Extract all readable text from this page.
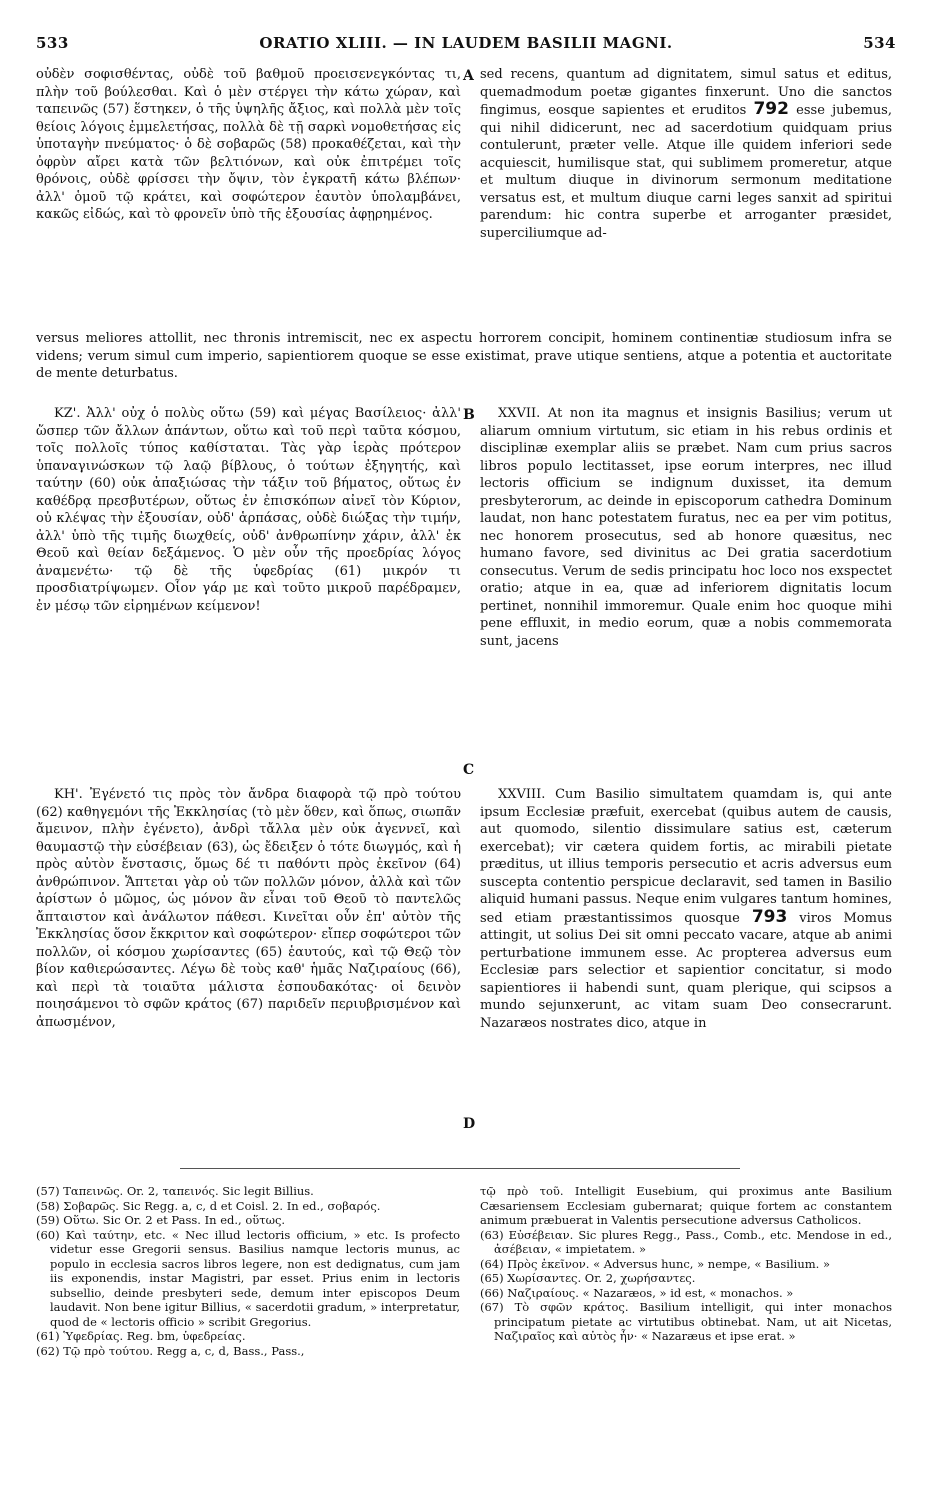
533	ORATIO XLIII. — IN LAUDEM BASILII MAGNI.	534

οὐδὲν σοφισθέντας, οὐδὲ τοῦ βαθμοῦ προεισενεγκόντας τι, πλὴν τοῦ βούλεσθαι. Καὶ ὁ μὲν στέργει τὴν κάτω χώραν, καὶ ταπεινῶς (57) ἕστηκεν, ὁ τῆς ὑψηλῆς ἄξιος, καὶ πολλὰ μὲν τοῖς θείοις λόγοις ἐμμελετήσας, πολλὰ δὲ τῇ σαρκὶ νομοθετήσας εἰς ὑποταγὴν πνεύματος· ὁ δὲ σοβαρῶς (58) προκαθέζεται, καὶ τὴν ὀφρὺν αἴρει κατὰ τῶν βελτιόνων, καὶ οὐκ ἐπιτρέμει τοῖς θρόνοις, οὐδὲ φρίσσει τὴν ὄψιν, τὸν ἐγκρατῆ κάτω βλέπων· ἀλλ' ὁμοῦ τῷ κράτει, καὶ σοφώτερον ἑαυτὸν ὑπολαμβάνει, κακῶς εἰδώς, καὶ τὸ φρονεῖν ὑπὸ τῆς ἐξουσίας ἀφῃρημένος.

sed recens, quantum ad dignitatem, simul satus et editus, quemadmodum poetæ gigantes finxerunt. Uno die sanctos fingimus, eosque sapientes et eruditos 792 esse jubemus, qui nihil didicerunt, nec ad sacerdotium quidquam prius contulerunt, præter velle. Atque ille quidem inferiori sede acquiescit, humilisque stat, qui sublimem promeretur, atque et multum diuque in divinorum sermonum meditatione versatus est, et multum diuque carni leges sanxit ad spiritui parendum: hic contra superbe et arroganter præsidet, superciliumque ad-

A

versus meliores attollit, nec thronis intremiscit, nec ex aspectu horrorem concipit, hominem continentiæ studiosum infra se videns; verum simul cum imperio, sapientiorem quoque se esse existimat, prave utique sentiens, atque a potentia et auctoritate de mente deturbatus.

ΚΖ'. Ἀλλ' οὐχ ὁ πολὺς οὕτω (59) καὶ μέγας Βασίλειος· ἀλλ' ὥσπερ τῶν ἄλλων ἁπάντων, οὕτω καὶ τοῦ περὶ ταῦτα κόσμου, τοῖς πολλοῖς τύπος καθίσταται. Τὰς γὰρ ἱερὰς πρότερον ὑπαναγινώσκων τῷ λαῷ βίβλους, ὁ τούτων ἐξηγητής, καὶ ταύτην (60) οὐκ ἀπαξιώσας τὴν τάξιν τοῦ βήματος, οὕτως ἐν καθέδρᾳ πρεσβυτέρων, οὕτως ἐν ἐπισκόπων αἰνεῖ τὸν Κύριον, οὐ κλέψας τὴν ἐξουσίαν, οὐδ' ἁρπάσας, οὐδὲ διώξας τὴν τιμήν, ἀλλ' ὑπὸ τῆς τιμῆς διωχθείς, οὐδ' ἀνθρωπίνην χάριν, ἀλλ' ἐκ Θεοῦ καὶ θείαν δεξάμενος. Ὁ μὲν οὖν τῆς προεδρίας λόγος ἀναμενέτω· τῷ δὲ τῆς ὑφεδρίας (61) μικρόν τι προσδιατρίψωμεν. Οἷον γάρ με καὶ τοῦτο μικροῦ παρέδραμεν, ἐν μέσῳ τῶν εἰρημένων κείμενον!

B	XXVII. At non ita magnus et insignis Basilius; verum ut aliarum omnium virtutum, sic etiam in his rebus ordinis et disciplinæ exemplar aliis se præbet. Nam cum prius sacros libros populo lectitasset, ipse eorum interpres, nec illud lectoris officium se indignum duxisset, ita demum presbyterorum, ac deinde in episcoporum cathedra Dominum laudat, non hanc potestatem furatus, nec ea per vim potitus, nec honorem prosecutus, sed ab honore quæsitus, nec humano favore, sed divinitus ac Dei gratia sacerdotium consecutus. Verum de sedis principatu hoc loco nos exspectet oratio; atque in ea, quæ ad inferiorem dignitatis locum pertinet, nonnihil immoremur. Quale enim hoc quoque mihi pene effluxit, in medio eorum, quæ a nobis commemorata sunt, jacens

C

ΚΗ'. Ἐγένετό τις πρὸς τὸν ἄνδρα διαφορὰ τῷ πρὸ τούτου (62) καθηγεμόνι τῆς Ἐκκλησίας (τὸ μὲν ὅθεν, καὶ ὅπως, σιωπᾶν ἄμεινον, πλὴν ἐγένετο), ἀνδρὶ τἄλλα μὲν οὐκ ἀγεννεῖ, καὶ θαυμαστῷ τὴν εὐσέβειαν (63), ὡς ἔδειξεν ὁ τότε διωγμός, καὶ ἡ πρὸς αὐτὸν ἔνστασις, ὅμως δέ τι παθόντι πρὸς ἐκεῖνον (64) ἀνθρώπινον. Ἅπτεται γὰρ οὐ τῶν πολλῶν μόνον, ἀλλὰ καὶ τῶν ἀρίστων ὁ μῶμος, ὡς μόνον ἂν εἶναι τοῦ Θεοῦ τὸ παντελῶς ἄπταιστον καὶ ἀνάλωτον πάθεσι. Κινεῖται οὖν ἐπ' αὐτὸν τῆς Ἐκκλησίας ὅσον ἔκκριτον καὶ σοφώτερον· εἴπερ σοφώτεροι τῶν πολλῶν, οἱ κόσμου χωρίσαντες (65) ἑαυτούς, καὶ τῷ Θεῷ τὸν βίον καθιερώσαντες. Λέγω δὲ τοὺς καθ' ἡμᾶς Ναζιραίους (66), καὶ περὶ τὰ τοιαῦτα μάλιστα ἐσπουδακότας· οἱ δεινὸν ποιησάμενοι τὸ σφῶν κράτος (67) παριδεῖν περιυβρισμένον καὶ ἀπωσμένον,

XXVIII. Cum Basilio simultatem quamdam is, qui ante ipsum Ecclesiæ præfuit, exercebat (quibus autem de causis, aut quomodo, silentio dissimulare satius est, cæterum exercebat); vir cætera quidem fortis, ac mirabili pietate præditus, ut illius temporis persecutio et acris adversus eum suscepta contentio perspicue declaravit, sed tamen in Basilio aliquid humani passus. Neque enim vulgares tantum homines, sed etiam præstantissimos quosque 793 viros Momus attingit, ut solius Dei sit omni peccato vacare, atque ab animi perturbatione immunem esse. Ac propterea adversus eum Ecclesiæ pars selectior et sapientior concitatur, si modo sapientiores ii habendi sunt, quam plerique, qui scipsos a mundo sejunxerunt, ac vitam suam Deo consecrarunt. Nazaræos nostrates dico, atque in

D

(57) Ταπεινῶς. Or. 2, ταπεινός. Sic legit Billius.

(58) Σοβαρῶς. Sic Regg. a, c, d et Coisl. 2. In ed., σοβαρός.

(59) Οὕτω. Sic Or. 2 et Pass. In ed., οὕτως.

(60) Καὶ ταύτην, etc. « Nec illud lectoris officium, » etc. Is profecto videtur esse Gregorii sensus. Basilius namque lectoris munus, ac populo in ecclesia sacros libros legere, non est dedignatus, cum jam iis exponendis, instar Magistri, par esset. Prius enim in lectoris subsellio, deinde presbyteri sede, demum inter episcopos Deum laudavit. Non bene igitur Billius, « sacerdotii gradum, » interpretatur, quod de « lectoris officio » scribit Gregorius.

(61) Ὑφεδρίας. Reg. bm, ὑφεδρείας.

(62) Τῷ πρὸ τούτου. Regg a, c, d, Bass., Pass.,

τῷ πρὸ τοῦ. Intelligit Eusebium, qui proximus ante Basilium Cæsariensem Ecclesiam gubernarat; quique fortem ac constantem animum præbuerat in Valentis persecutione adversus Catholicos.

(63) Εὐσέβειαν. Sic plures Regg., Pass., Comb., etc. Mendose in ed., ἀσέβειαν, « impietatem. »

(64) Πρὸς ἐκεῖνον. « Adversus hunc, » nempe, « Basilium. »

(65) Χωρίσαντες. Or. 2, χωρήσαντες.

(66) Ναζιραίους. « Nazaræos, » id est, « monachos. »

(67) Τὸ σφῶν κράτος. Basilium intelligit, qui inter monachos principatum pietate ac virtutibus obtinebat. Nam, ut ait Nicetas, Ναζιραῖος καὶ αὐτὸς ἦν· « Nazaræus et ipse erat. »
